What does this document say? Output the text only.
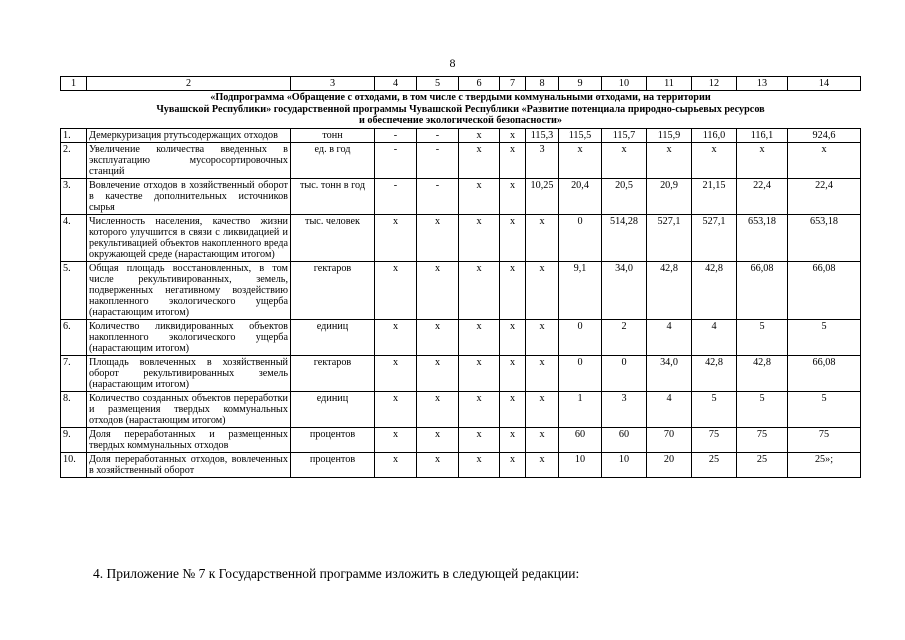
8
1	2	3	4	5	6	7	8	9	10	11	12	13	14

«Подпрограмма «Обращение с отходами, в том числе с твердыми коммунальными отходами, на территории
Чувашской Республики» государственной программы Чувашской Республики «Развитие потенциала природно-сырьевых ресурсов
и обеспечение экологической безопасности»													

1.	Демеркуризация ртутьсодержащих отходов	тонн	-	-	х	х	115,3	115,5	115,7	115,9	116,0	116,1	924,6
2.	Увеличение количества введенных в эксплуатацию мусоросортировочных станций	ед. в год	-	-	х	х	3	х	х	х	х	х	х
3.	Вовлечение отходов в хозяйственный оборот в качестве дополнительных источников сырья	тыс. тонн в год	-	-	х	х	10,25	20,4	20,5	20,9	21,15	22,4	22,4
4.	Численность населения, качество жизни которого улучшится в связи с ликвидацией и рекультивацией объектов накопленного вреда окружающей среде (нарастающим итогом)	тыс. человек	х	х	х	х	х	0	514,28	527,1	527,1	653,18	653,18
5.	Общая площадь восстановленных, в том числе рекультивированных, земель, подверженных негативному воздействию накопленного экологического ущерба (нарастающим итогом)	гектаров	х	х	х	х	х	9,1	34,0	42,8	42,8	66,08	66,08
6.	Количество ликвидированных объектов накопленного экологического ущерба (нарастающим итогом)	единиц	х	х	х	х	х	0	2	4	4	5	5
7.	Площадь вовлеченных в хозяйственный оборот рекультивированных земель (нарастающим итогом)	гектаров	х	х	х	х	х	0	0	34,0	42,8	42,8	66,08
8.	Количество созданных объектов переработки и размещения твердых коммунальных отходов (нарастающим итогом)	единиц	х	х	х	х	х	1	3	4	5	5	5
9.	Доля переработанных и размещенных твердых коммунальных отходов	процентов	х	х	х	х	х	60	60	70	75	75	75
10.	Доля переработанных отходов, вовлеченных в хозяйственный оборот	процентов	х	х	х	х	х	10	10	20	25	25	25»;
4. Приложение № 7 к Государственной программе изложить в следующей редакции:
